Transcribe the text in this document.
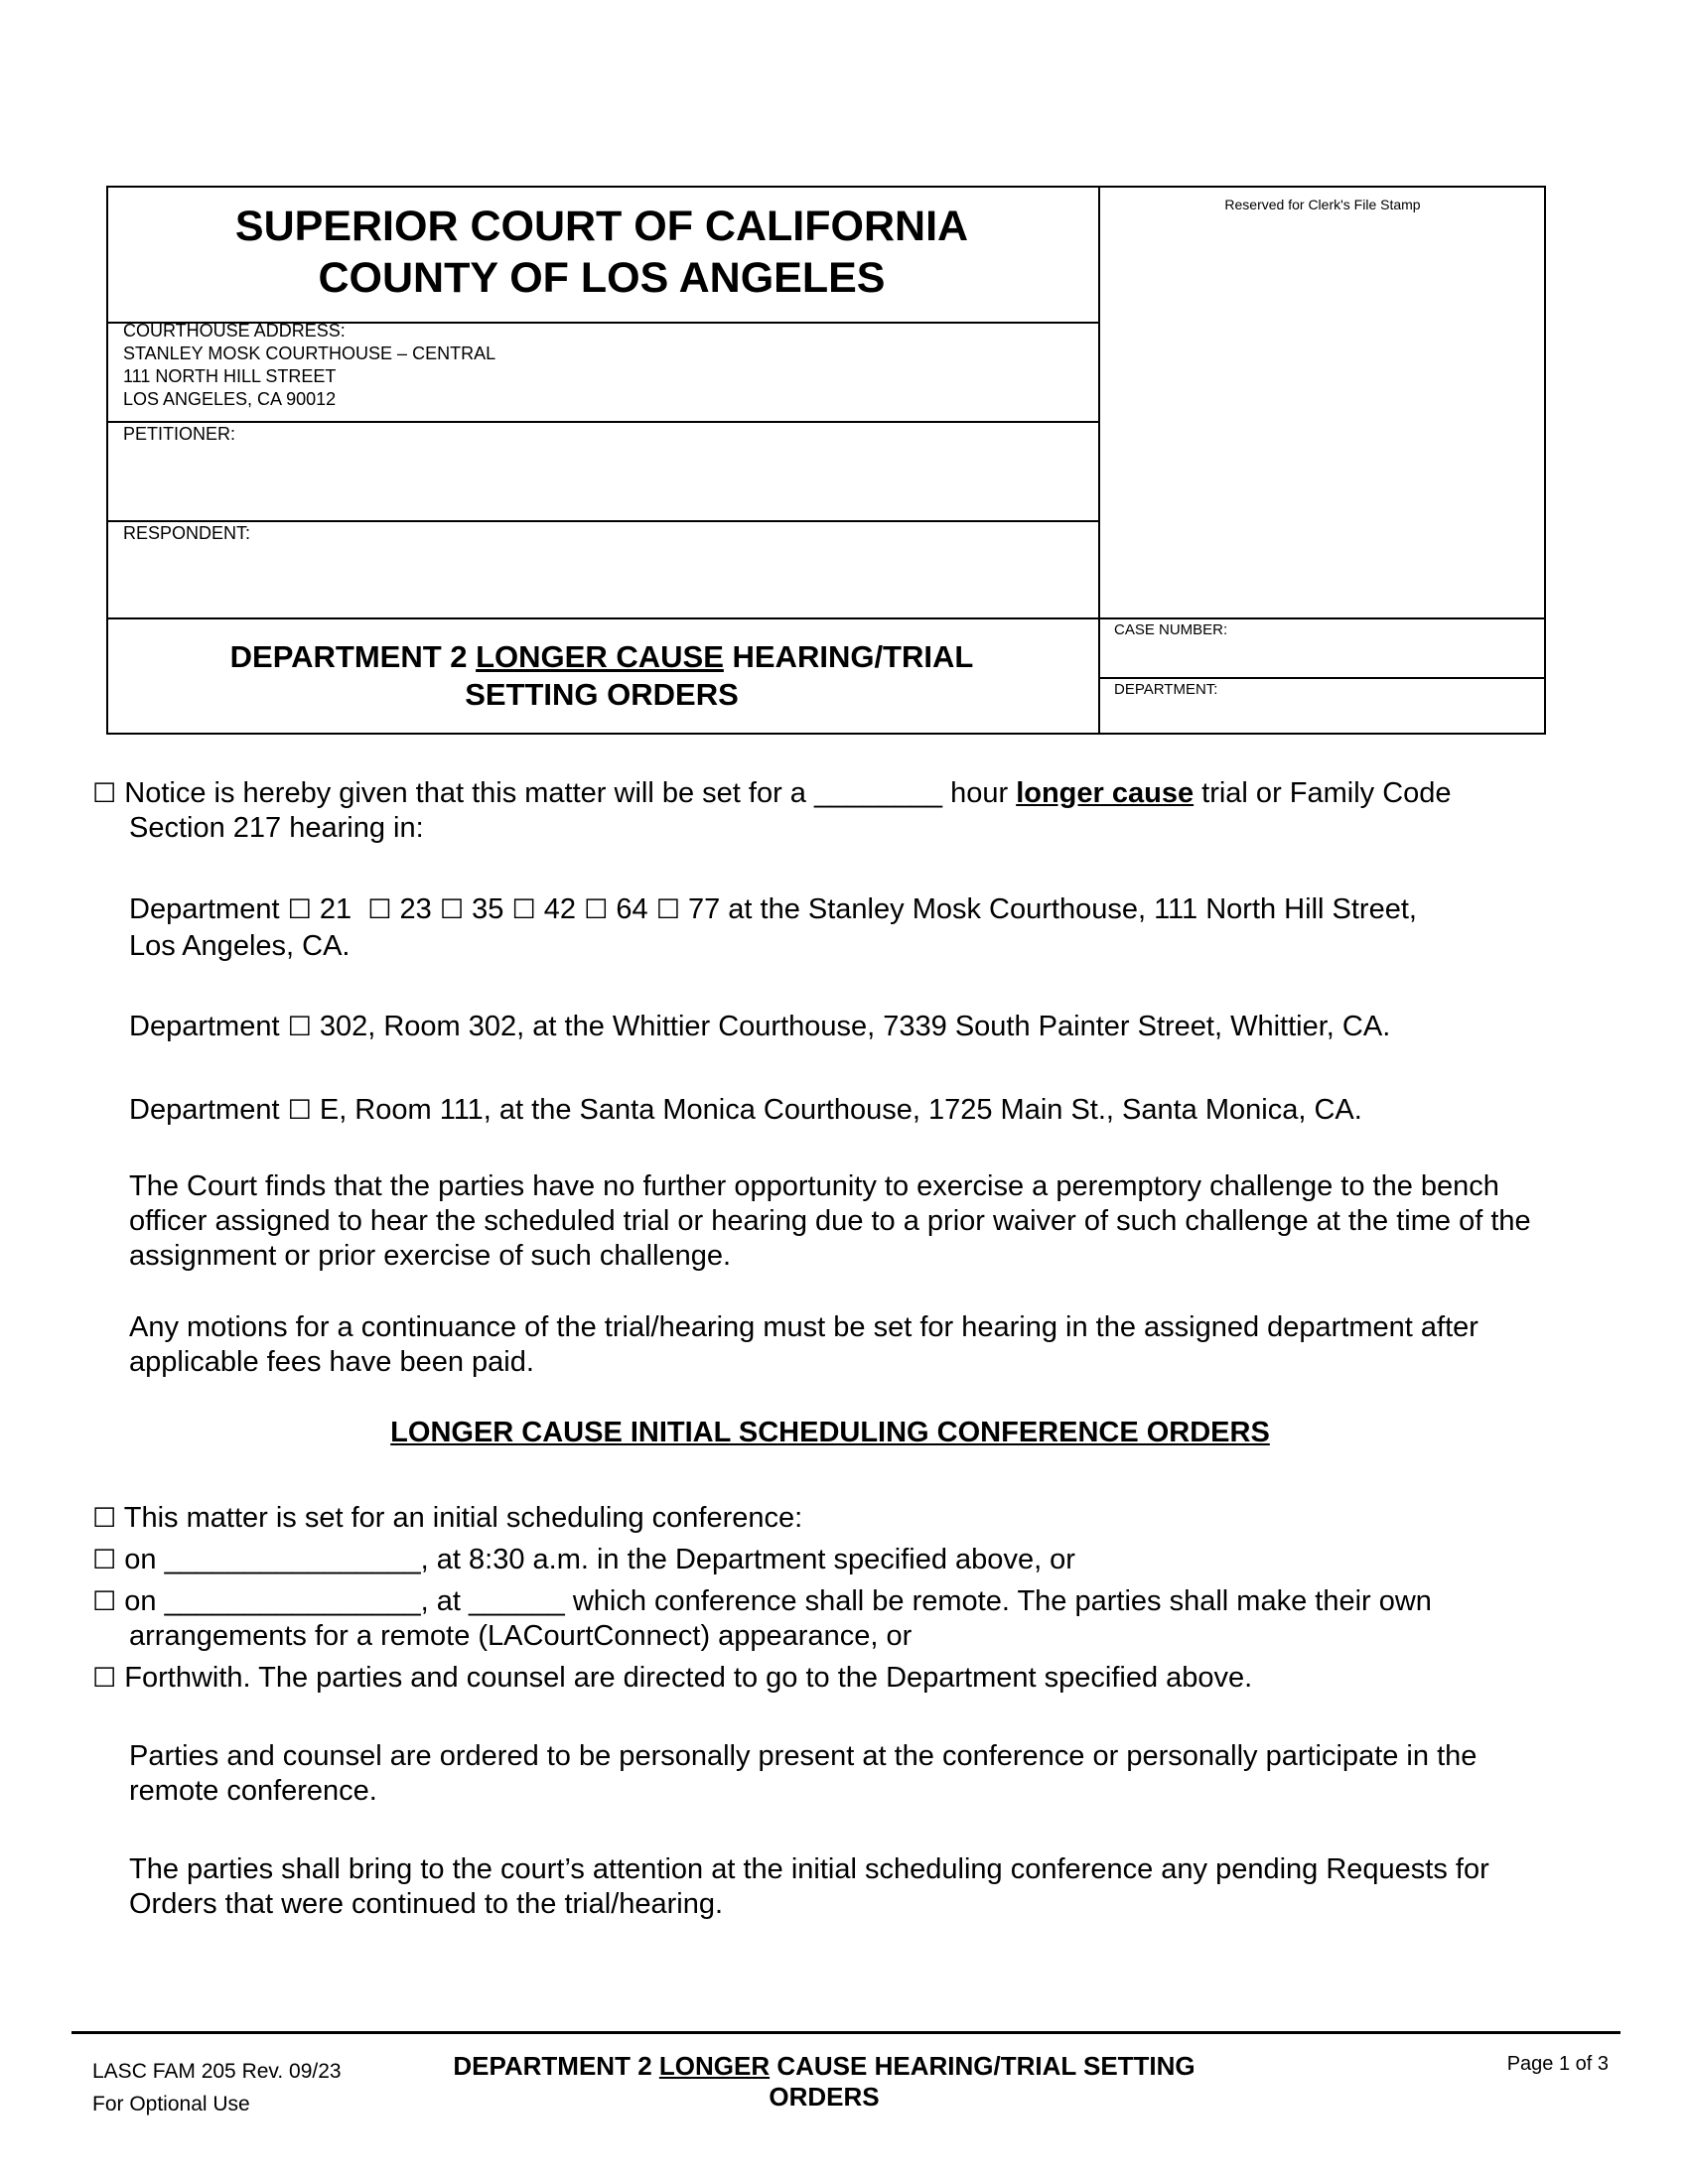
SUPERIOR COURT OF CALIFORNIA
COUNTY OF LOS ANGELES
Reserved for Clerk's File Stamp
COURTHOUSE ADDRESS:
STANLEY MOSK COURTHOUSE – CENTRAL
111 NORTH HILL STREET
LOS ANGELES, CA 90012
PETITIONER:
RESPONDENT:
DEPARTMENT 2 LONGER CAUSE HEARING/TRIAL
SETTING ORDERS
CASE NUMBER:
DEPARTMENT:
☐ Notice is hereby given that this matter will be set for a ________ hour longer cause trial or Family Code
Section 217 hearing in:
Department ☐ 21 ☐ 23 ☐ 35 ☐ 42 ☐ 64 ☐ 77 at the Stanley Mosk Courthouse, 111 North Hill Street,
Los Angeles, CA.
Department ☐ 302, Room 302, at the Whittier Courthouse, 7339 South Painter Street, Whittier, CA.
Department ☐ E, Room 111, at the Santa Monica Courthouse, 1725 Main St., Santa Monica, CA.
The Court finds that the parties have no further opportunity to exercise a peremptory challenge to the bench officer assigned to hear the scheduled trial or hearing due to a prior waiver of such challenge at the time of the assignment or prior exercise of such challenge.
Any motions for a continuance of the trial/hearing must be set for hearing in the assigned department after applicable fees have been paid.
LONGER CAUSE INITIAL SCHEDULING CONFERENCE ORDERS
☐ This matter is set for an initial scheduling conference:
☐ on ________________, at 8:30 a.m. in the Department specified above, or
☐ on ________________, at ______ which conference shall be remote. The parties shall make their own
arrangements for a remote (LACourtConnect) appearance, or
☐ Forthwith. The parties and counsel are directed to go to the Department specified above.
Parties and counsel are ordered to be personally present at the conference or personally participate in the remote conference.
The parties shall bring to the court’s attention at the initial scheduling conference any pending Requests for Orders that were continued to the trial/hearing.
LASC FAM 205 Rev. 09/23
For Optional Use
DEPARTMENT 2 LONGER CAUSE HEARING/TRIAL SETTING ORDERS
Page 1 of 3
